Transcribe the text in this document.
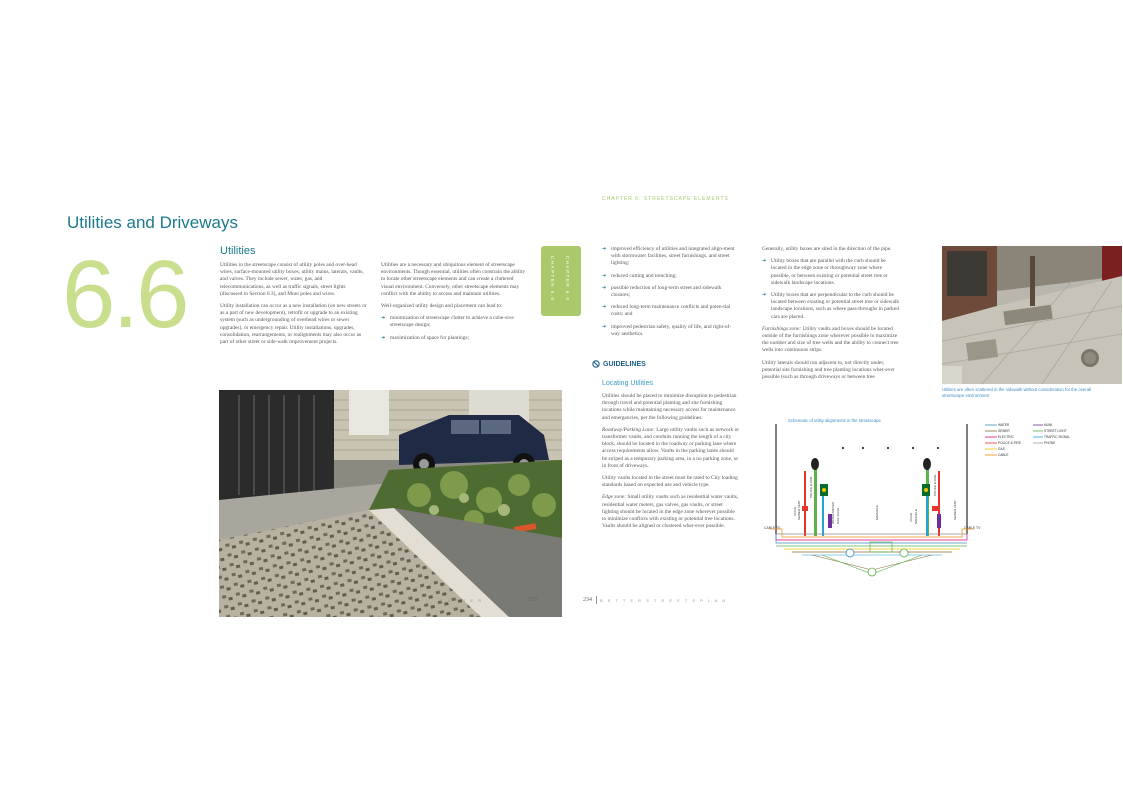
Utilities and Driveways
6.6	Utilities

Utilities in the streetscape consist of utility poles and over-head wires, surface-mounted utility boxes, utility mains, laterals, vaults, and valves. They include sewer, water, gas, and telecommunications, as well as traffic signals, street lights (discussed in Section 6.3), and Muni poles and wires.

Utility installation can occur as a new installation (on new streets or as a part of new development), retrofit or upgrade to an existing system (such as undergrounding of overhead wires or sewer upgrades), or emergency repair. Utility installations, upgrades, consolidation, rearrangements, or realignments may also occur as part of other street or side-walk improvement projects.

Utilities are a necessary and ubiquitous element of streetscape environments. Though essential, utilities often constrain the ability to locate other streetscape elements and can create a cluttered visual environment. Conversely, other streetscape elements may conflict with the ability to access and maintain utilities.

Well-organized utility design and placement can lead to:

➔ minimization of streetscape clutter to achieve a cohe-sive streetscape design;
➔ maximization of space for plantings;
B E T T E R	233
CHAPTER 6.0 CHAPTER 6.0
CHAPTER 6: STREETSCAPE ELEMENTS
➔ improved efficiency of utilities and integrated align-ment with stormwater facilities, street furnishings, and street lighting;
➔ reduced cutting and trenching;
➔ possible reduction of long-term street and sidewalk closures;
➔ reduced long-term maintenance conflicts and poten-tial costs; and
➔ improved pedestrian safety, quality of life, and right-of-way aesthetics.
GUIDELINES
Locating Utilities

Utilities should be placed to minimize disruption to pedestrian through travel and potential planting and site furnishing locations while maintaining necessary access for maintenance and emergencies, per the following guidelines:

Roadway/Parking Lane: Large utility vaults such as network or transformer vaults, and conduits running the length of a city block, should be located in the roadway or parking lane where access requirements allow. Vaults in the parking lanes should be striped as a temporary parking area, in a no parking zone, or in front of driveways.

Utility vaults located in the street must be rated to City loading standards based on expected use and vehicle type.

Edge zone: Small utility vaults such as residential water vaults, residential water meters, gas valves, gas vaults, or street lighting should be located in the edge zone wherever possible to minimize conflicts with existing or potential tree locations. Vaults should be aligned or clustered wher-ever possible.

Generally, utility boxes are sited in the direction of the pipe.

➔ Utility boxes that are parallel with the curb should be located in the edge zone or throughway zone where possible, or between existing or potential street tree or sidewalk landscape locations.
➔ Utility boxes that are perpendicular to the curb should be located between existing or potential street tree or sidewalk landscape locations, such as where pass-throughs in parked cars are placed.

Furnishings zone: Utility vaults and boxes should be located outside of the furnishings zone wherever possible to maximize the number and size of tree wells and the ability to connect tree wells into continuous strips.

Utility laterals should run adjacent to, not directly under, potential site furnishing and tree planting locations wher-ever possible (such as through driveways or between tree

Utilities are often scattered in the sidewalk without consideration for the overall streetscape environment
VALVE SEWER VENT
POLICE & FIRE
WATER METER GAS VALVE	MANHOLE	VALVE MANHOLE
POLICE & FIRE
SEWER VENT
CABLE TV	CABLE TV
Schematic of utility alignments in the streetscape
WATER
SEWER
ELECTRIC
POLICE & FIRE
GAS
CABLE
MUNI
STREET LIGHT
TRAFFIC SIGNAL
PHONE
234 B E T T E R S T R E E T S P L A N
